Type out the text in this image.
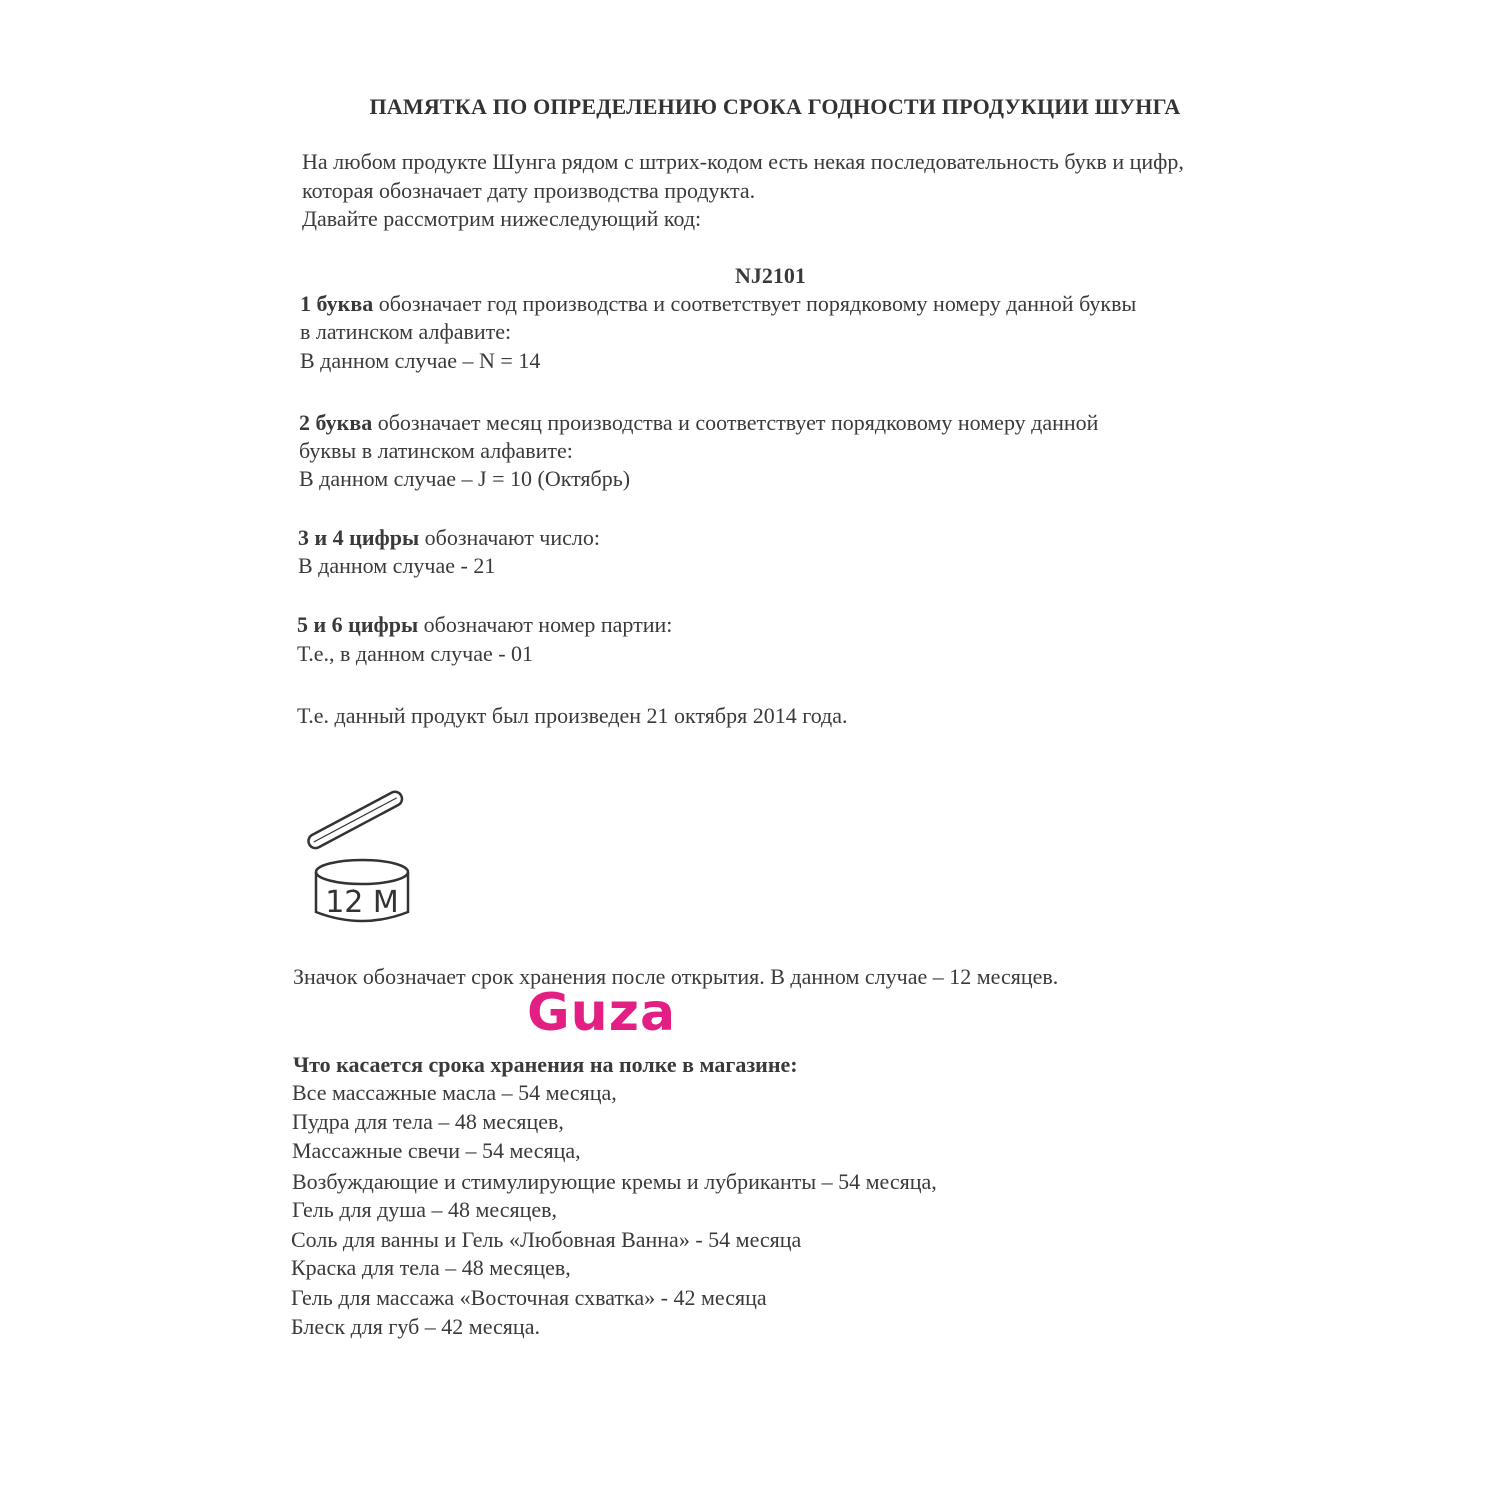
ПАМЯТКА ПО ОПРЕДЕЛЕНИЮ СРОКА ГОДНОСТИ ПРОДУКЦИИ ШУНГА
На любом продукте Шунга рядом с штрих-кодом есть некая последовательность букв и цифр,
которая обозначает дату производства продукта.
Давайте рассмотрим нижеследующий код:
NJ2101
1 буква обозначает год производства и соответствует порядковому номеру данной буквы
в латинском алфавите:
В данном случае – N = 14
2 буква обозначает месяц производства и соответствует порядковому номеру данной
буквы в латинском алфавите:
В данном случае – J = 10 (Октябрь)
3 и 4 цифры обозначают число:
В данном случае - 21
5 и 6 цифры обозначают номер партии:
Т.е., в данном случае - 01
Т.е. данный продукт был произведен 21 октября 2014 года.
12 M
Значок обозначает срок хранения после открытия. В данном случае – 12 месяцев.
Guza
Что касается срока хранения на полке в магазине:
Все массажные масла – 54 месяца,
Пудра для тела – 48 месяцев,
Массажные свечи – 54 месяца,
Возбуждающие и стимулирующие кремы и лубриканты – 54 месяца,
Гель для душа – 48 месяцев,
Соль для ванны и Гель «Любовная Ванна» - 54 месяца
Краска для тела – 48 месяцев,
Гель для массажа «Восточная схватка» - 42 месяца
Блеск для губ – 42 месяца.
